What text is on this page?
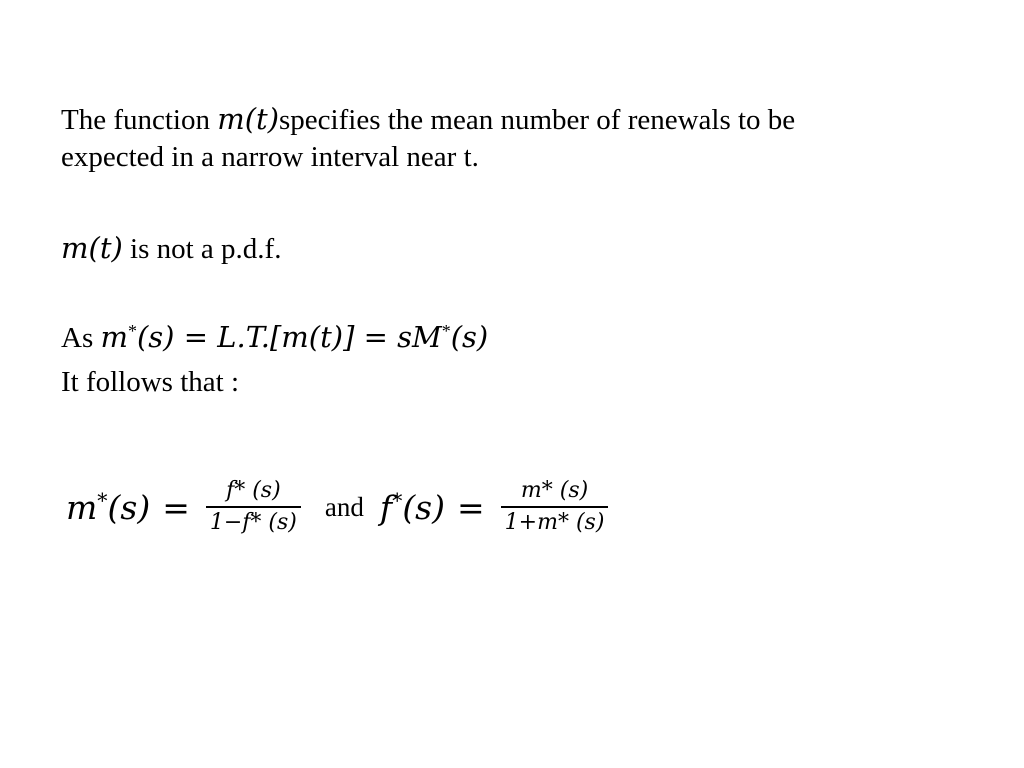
The function m(t)specifies the mean number of renewals to be
expected in a narrow interval near t.
m(t) is not a p.d.f.
As m*(s) = L.T.[m(t)] = sM*(s)
It follows that :
$m^*(s) = \frac{f* (s)}{1-f* (s)}$ and $f^*(s) = \frac{m* (s)}{1+m* (s)}$
